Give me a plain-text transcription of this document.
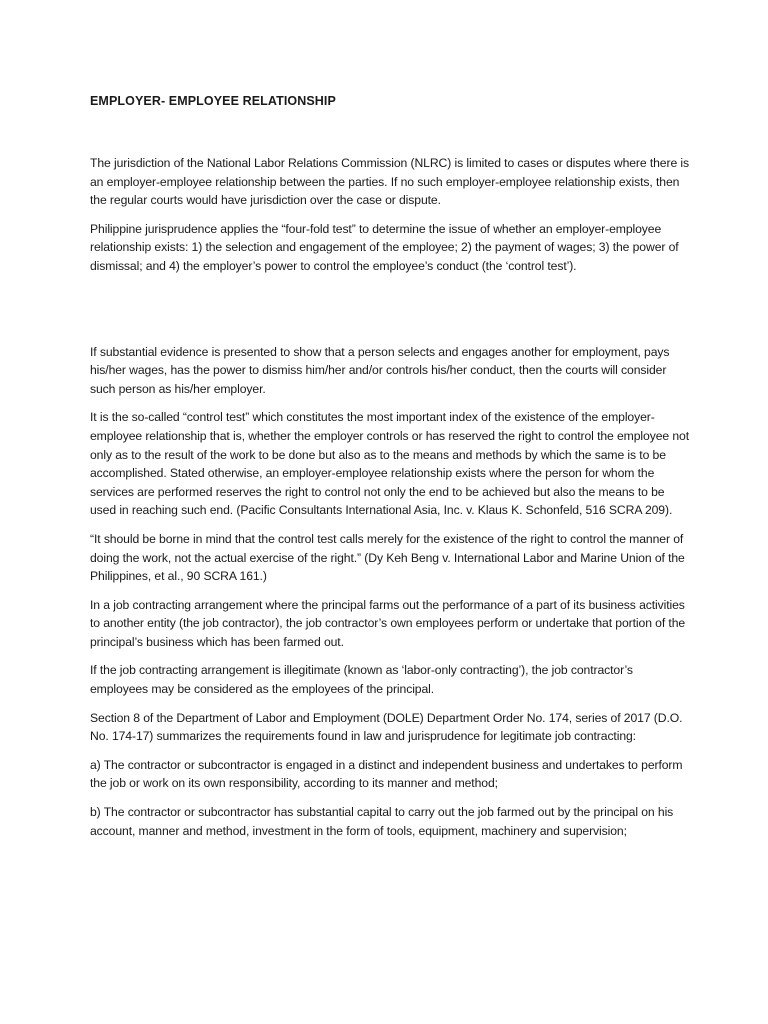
EMPLOYER- EMPLOYEE RELATIONSHIP

The jurisdiction of the National Labor Relations Commission (NLRC) is limited to cases or disputes where there is an employer-employee relationship between the parties. If no such employer-employee relationship exists, then the regular courts would have jurisdiction over the case or dispute.

Philippine jurisprudence applies the “four-fold test” to determine the issue of whether an employer-employee relationship exists: 1) the selection and engagement of the employee; 2) the payment of wages; 3) the power of dismissal; and 4) the employer’s power to control the employee’s conduct (the ‘control test’).

If substantial evidence is presented to show that a person selects and engages another for employment, pays his/her wages, has the power to dismiss him/her and/or controls his/her conduct, then the courts will consider such person as his/her employer.

It is the so-called “control test” which constitutes the most important index of the existence of the employer-employee relationship that is, whether the employer controls or has reserved the right to control the employee not only as to the result of the work to be done but also as to the means and methods by which the same is to be accomplished. Stated otherwise, an employer-employee relationship exists where the person for whom the services are performed reserves the right to control not only the end to be achieved but also the means to be used in reaching such end. (Pacific Consultants International Asia, Inc. v. Klaus K. Schonfeld, 516 SCRA 209).

“It should be borne in mind that the control test calls merely for the existence of the right to control the manner of doing the work, not the actual exercise of the right.” (Dy Keh Beng v. International Labor and Marine Union of the Philippines, et al., 90 SCRA 161.)

In a job contracting arrangement where the principal farms out the performance of a part of its business activities to another entity (the job contractor), the job contractor’s own employees perform or undertake that portion of the principal’s business which has been farmed out.

If the job contracting arrangement is illegitimate (known as ‘labor-only contracting’), the job contractor’s employees may be considered as the employees of the principal.

Section 8 of the Department of Labor and Employment (DOLE) Department Order No. 174, series of 2017 (D.O. No. 174-17) summarizes the requirements found in law and jurisprudence for legitimate job contracting:

a) The contractor or subcontractor is engaged in a distinct and independent business and undertakes to perform the job or work on its own responsibility, according to its manner and method;

b) The contractor or subcontractor has substantial capital to carry out the job farmed out by the principal on his account, manner and method, investment in the form of tools, equipment, machinery and supervision;
